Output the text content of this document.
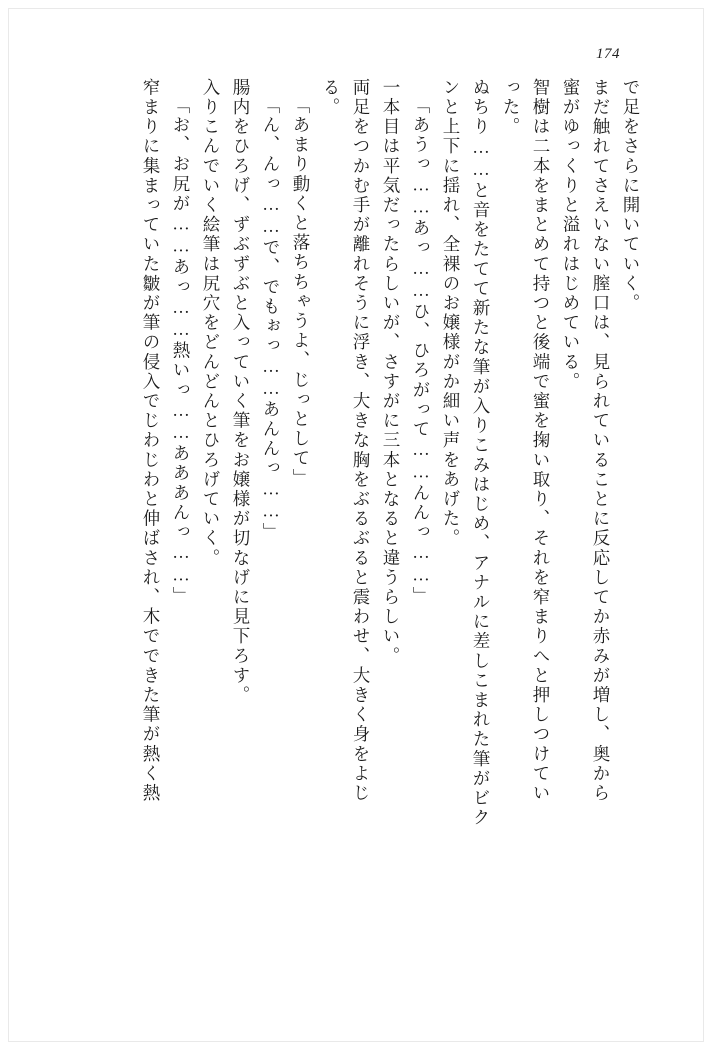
174
で足をさらに開いていく。
まだ触れてさえいない膣口は、見られていることに反応してか赤みが増し、奥から
蜜がゆっくりと溢れはじめている。
智樹は二本をまとめて持つと後端で蜜を掬い取り、それを窄まりへと押しつけてい
った。
ぬちり……と音をたてて新たな筆が入りこみはじめ、アナルに差しこまれた筆がビク
ンと上下に揺れ、全裸のお嬢様がか細い声をあげた。
「あうっ……あっ……ひ、ひろがって……んんっ……」
一本目は平気だったらしいが、さすがに三本となると違うらしい。
両足をつかむ手が離れそうに浮き、大きな胸をぶるぶると震わせ、大きく身をよじ
る。
「あまり動くと落ちちゃうよ、じっとして」
「ん、んっ……で、でもぉっ……あんんっ……」
腸内をひろげ、ずぶずぶと入っていく筆をお嬢様が切なげに見下ろす。
入りこんでいく絵筆は尻穴をどんどんとひろげていく。
「お、お尻が……あっ……熱いっ……あああんっ……」
窄まりに集まっていた皺が筆の侵入でじわじわと伸ばされ、木でできた筆が熱く熱
